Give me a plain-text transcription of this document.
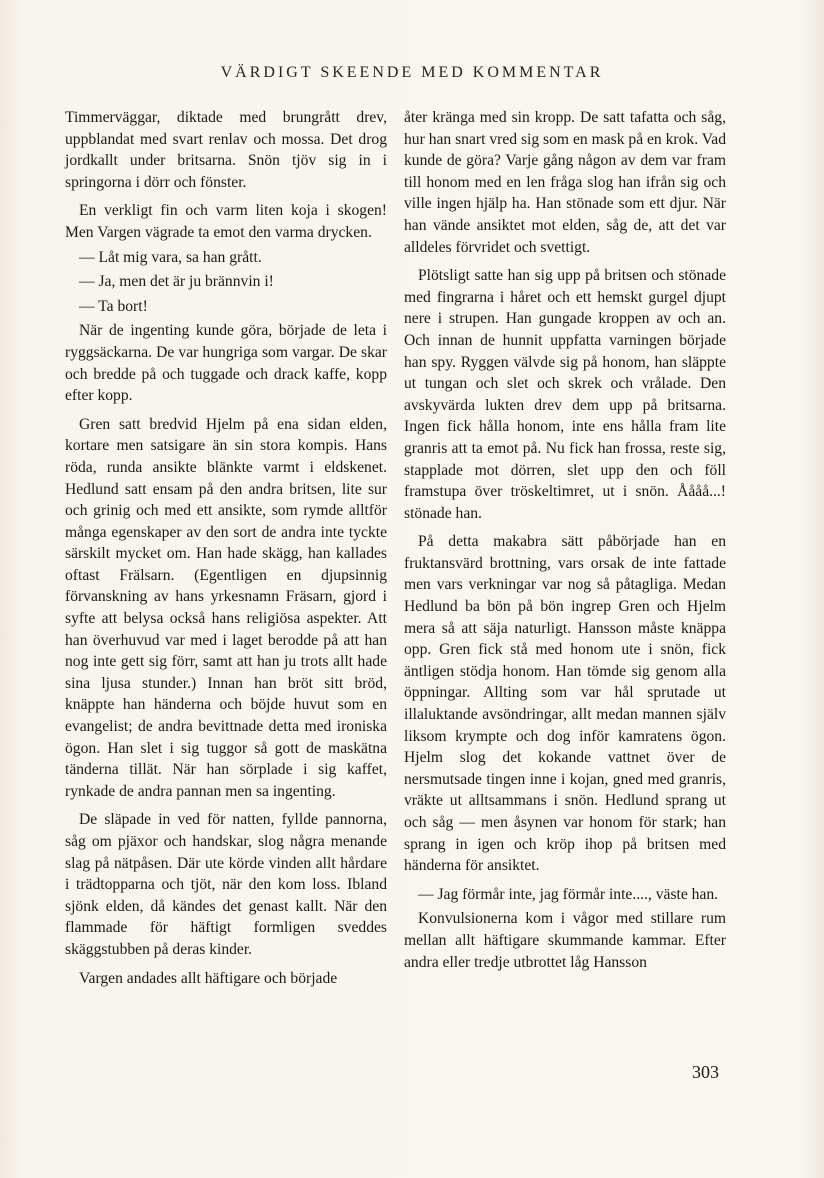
VÄRDIGT SKEENDE MED KOMMENTAR

Timmerväggar, diktade med brungrått drev, uppblandat med svart renlav och mossa. Det drog jordkallt under britsarna. Snön tjöv sig in i springorna i dörr och fönster.

En verkligt fin och varm liten koja i skogen! Men Vargen vägrade ta emot den varma drycken.

— Låt mig vara, sa han grått.

— Ja, men det är ju brännvin i!

— Ta bort!

När de ingenting kunde göra, började de leta i ryggsäckarna. De var hungriga som vargar. De skar och bredde på och tuggade och drack kaffe, kopp efter kopp.

Gren satt bredvid Hjelm på ena sidan elden, kortare men satsigare än sin stora kompis. Hans röda, runda ansikte blänkte varmt i eldskenet. Hedlund satt ensam på den andra britsen, lite sur och grinig och med ett ansikte, som rymde alltför många egenskaper av den sort de andra inte tyckte särskilt mycket om. Han hade skägg, han kallades oftast Frälsarn. (Egentligen en djupsinnig förvanskning av hans yrkesnamn Fräsarn, gjord i syfte att belysa också hans religiösa aspekter. Att han överhuvud var med i laget berodde på att han nog inte gett sig förr, samt att han ju trots allt hade sina ljusa stunder.) Innan han bröt sitt bröd, knäppte han händerna och böjde huvut som en evangelist; de andra bevittnade detta med ironiska ögon. Han slet i sig tuggor så gott de maskätna tänderna tillät. När han sörplade i sig kaffet, rynkade de andra pannan men sa ingenting.

De släpade in ved för natten, fyllde pannorna, såg om pjäxor och handskar, slog några menande slag på nätpåsen. Där ute körde vinden allt hårdare i trädtopparna och tjöt, när den kom loss. Ibland sjönk elden, då kändes det genast kallt. När den flammade för häftigt formligen sveddes skäggstubben på deras kinder.

Vargen andades allt häftigare och började

åter kränga med sin kropp. De satt tafatta och såg, hur han snart vred sig som en mask på en krok. Vad kunde de göra? Varje gång någon av dem var fram till honom med en len fråga slog han ifrån sig och ville ingen hjälp ha. Han stönade som ett djur. När han vände ansiktet mot elden, såg de, att det var alldeles förvridet och svettigt.

Plötsligt satte han sig upp på britsen och stönade med fingrarna i håret och ett hemskt gurgel djupt nere i strupen. Han gungade kroppen av och an. Och innan de hunnit uppfatta varningen började han spy. Ryggen välvde sig på honom, han släppte ut tungan och slet och skrek och vrålade. Den avskyvärda lukten drev dem upp på britsarna. Ingen fick hålla honom, inte ens hålla fram lite granris att ta emot på. Nu fick han frossa, reste sig, stapplade mot dörren, slet upp den och föll framstupa över tröskeltimret, ut i snön. Åååå...! stönade han.

På detta makabra sätt påbörjade han en fruktansvärd brottning, vars orsak de inte fattade men vars verkningar var nog så påtagliga. Medan Hedlund ba bön på bön ingrep Gren och Hjelm mera så att säja naturligt. Hansson måste knäppa opp. Gren fick stå med honom ute i snön, fick äntligen stödja honom. Han tömde sig genom alla öppningar. Allting som var hål sprutade ut illaluktande avsöndringar, allt medan mannen själv liksom krympte och dog inför kamratens ögon. Hjelm slog det kokande vattnet över de nersmutsade tingen inne i kojan, gned med granris, vräkte ut alltsammans i snön. Hedlund sprang ut och såg — men åsynen var honom för stark; han sprang in igen och kröp ihop på britsen med händerna för ansiktet.

— Jag förmår inte, jag förmår inte...., väste han.

Konvulsionerna kom i vågor med stillare rum mellan allt häftigare skummande kammar. Efter andra eller tredje utbrottet låg Hansson

303
